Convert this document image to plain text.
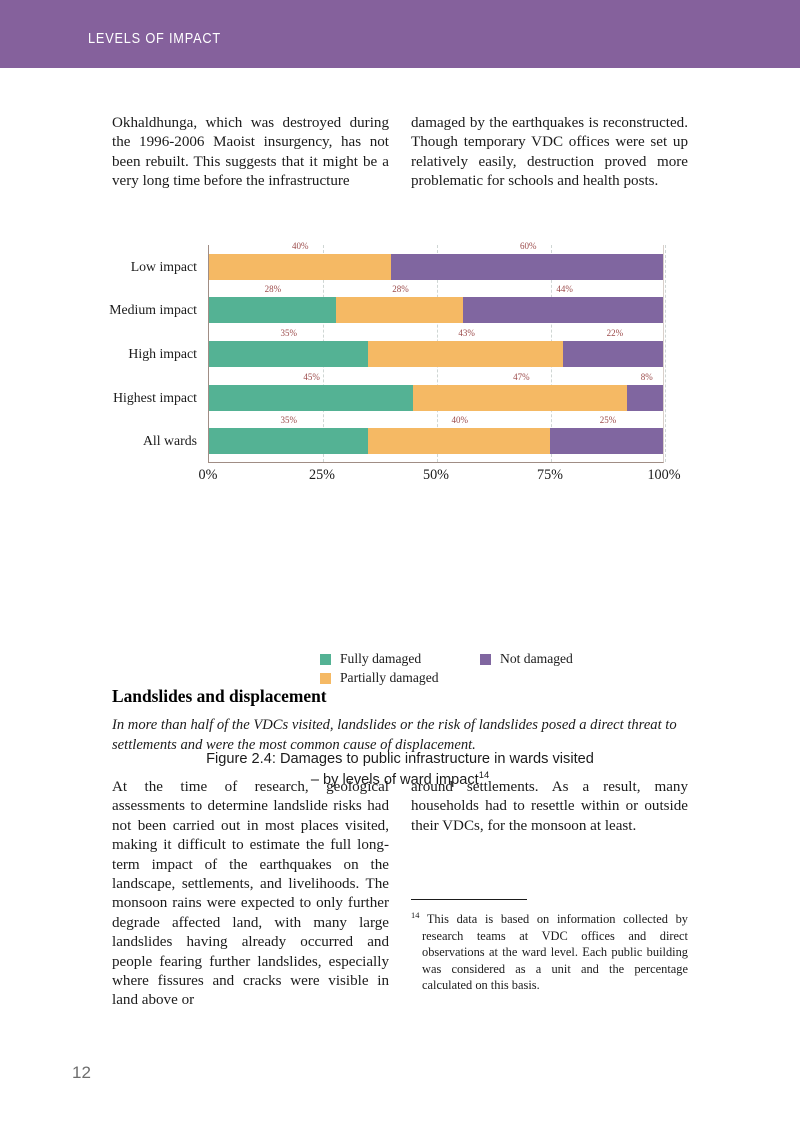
LEVELS OF IMPACT

Okhaldhunga, which was destroyed during the 1996-2006 Maoist insurgency, has not been rebuilt. This suggests that it might be a very long time before the infrastructure

damaged by the earthquakes is reconstructed. Though temporary VDC offices were set up relatively easily, destruction proved more problematic for schools and health posts.

Low impact
40%	60%
Medium impact
28%	28%	44%
High impact
35%	43%	22%
Highest impact
45%	47%	8%
All wards
35%	40%	25%
0%	25%	50%	75%	100%
Fully damaged	Not damaged
Partially damaged
Figure 2.4: Damages to public infrastructure in wards visited
– by levels of ward impact$^{14}$
Landslides and displacement
In more than half of the VDCs visited, landslides or the risk of landslides posed a direct threat to settlements and were the most common cause of displacement.

At the time of research, geological assessments to determine landslide risks had not been carried out in most places visited, making it difficult to estimate the full long-term impact of the earthquakes on the landscape, settlements, and livelihoods. The monsoon rains were expected to only further degrade affected land, with many large landslides having already occurred and people fearing further landslides, especially where fissures and cracks were visible in land above or

around settlements. As a result, many households had to resettle within or outside their VDCs, for the monsoon at least.

$^{14}$ This data is based on information collected by research teams at VDC offices and direct observations at the ward level. Each public building was considered as a unit and the percentage calculated on this basis.
12
